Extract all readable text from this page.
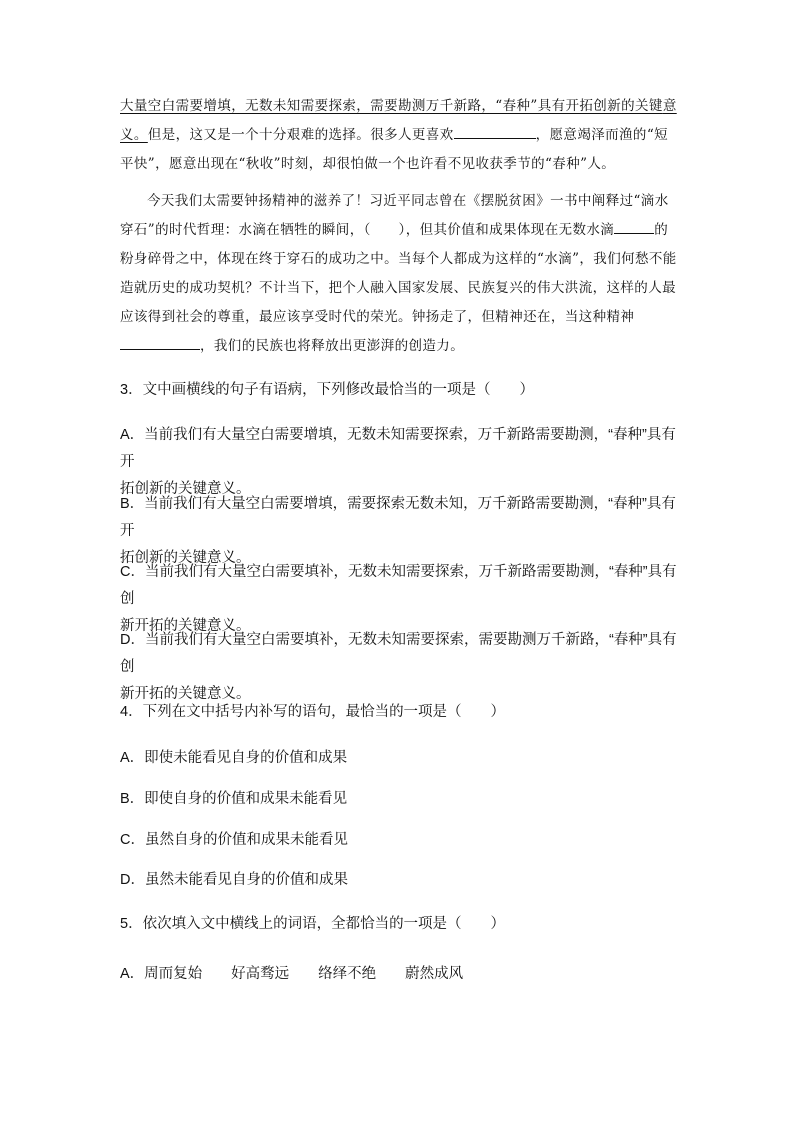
大量空白需要增填，无数未知需要探索，需要勘测万千新路，“春种”具有开拓创新的关键意义。但是，这又是一个十分艰难的选择。很多人更喜欢	，愿意竭泽而渔的“短平快”，愿意出现在“秋收”时刻，却很怕做一个也许看不见收获季节的“春种”人。

今天我们太需要钟扬精神的滋养了！习近平同志曾在《摆脱贫困》一书中阐释过“滴水穿石”的时代哲理：水滴在牺牲的瞬间，（　　），但其价值和成果体现在无数水滴	的粉身碎骨之中，体现在终于穿石的成功之中。当每个人都成为这样的“水滴”，我们何愁不能造就历史的成功契机？不计当下，把个人融入国家发展、民族复兴的伟大洪流，这样的人最应该得到社会的尊重，最应该享受时代的荣光。钟扬走了，但精神还在，当这种精神，我们的民族也将释放出更澎湃的创造力。

3．文中画横线的句子有语病，下列修改最恰当的一项是（　　）
A．当前我们有大量空白需要增填，无数未知需要探索，万千新路需要勘测，“春种”具有开
拓创新的关键意义。
B．当前我们有大量空白需要增填，需要探索无数未知，万千新路需要勘测，“春种”具有开
拓创新的关键意义。
C．当前我们有大量空白需要填补，无数未知需要探索，万千新路需要勘测，“春种”具有创
新开拓的关键意义。
D．当前我们有大量空白需要填补，无数未知需要探索，需要勘测万千新路，“春种”具有创
新开拓的关键意义。
4．下列在文中括号内补写的语句，最恰当的一项是（　　）
A．即使未能看见自身的价值和成果
B．即使自身的价值和成果未能看见
C．虽然自身的价值和成果未能看见
D．虽然未能看见自身的价值和成果
5．依次填入文中横线上的词语，全都恰当的一项是（　　）
A．周而复始　　好高骛远　　络绎不绝　　蔚然成风
